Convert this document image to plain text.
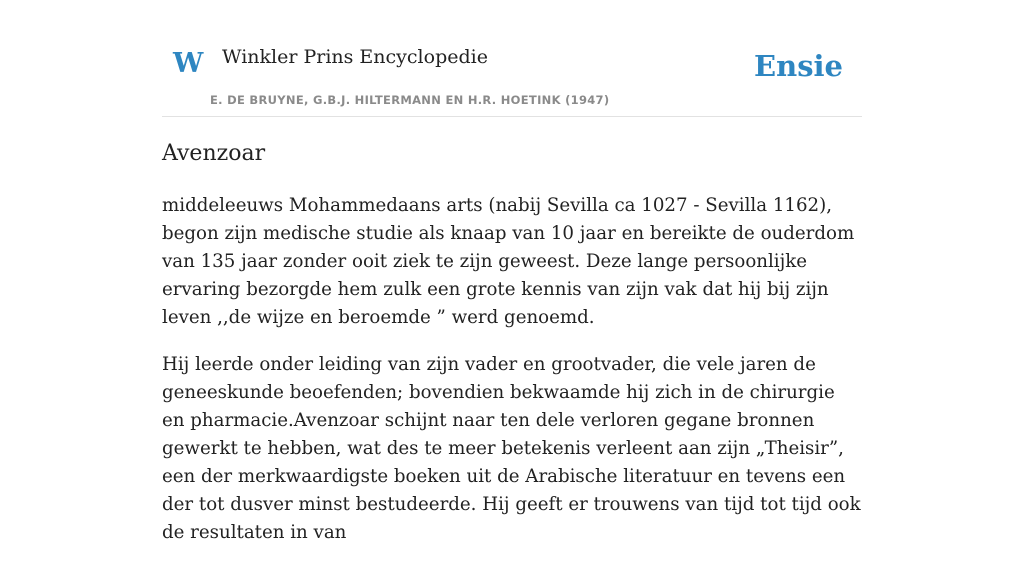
W Winkler Prins Encyclopedie
E. DE BRUYNE, G.B.J. HILTERMANN EN H.R. HOETINK (1947)
Ensie
Avenzoar

middeleeuws Mohammedaans arts (nabij Sevilla ca 1027 - Sevilla 1162), begon zijn medische studie als knaap van 10 jaar en bereikte de ouderdom van 135 jaar zonder ooit ziek te zijn geweest. Deze lange persoonlijke ervaring bezorgde hem zulk een grote kennis van zijn vak dat hij bij zijn leven ,,de wijze en beroemde ” werd genoemd.

Hij leerde onder leiding van zijn vader en grootvader, die vele jaren de geneeskunde beoefenden; bovendien bekwaamde hij zich in de chirurgie en pharmacie.Avenzoar schijnt naar ten dele verloren gegane bronnen gewerkt te hebben, wat des te meer betekenis verleent aan zijn „Theisir”, een der merkwaardigste boeken uit de Arabische literatuur en tevens een der tot dusver minst bestudeerde. Hij geeft er trouwens van tijd tot tijd ook de resultaten in van
